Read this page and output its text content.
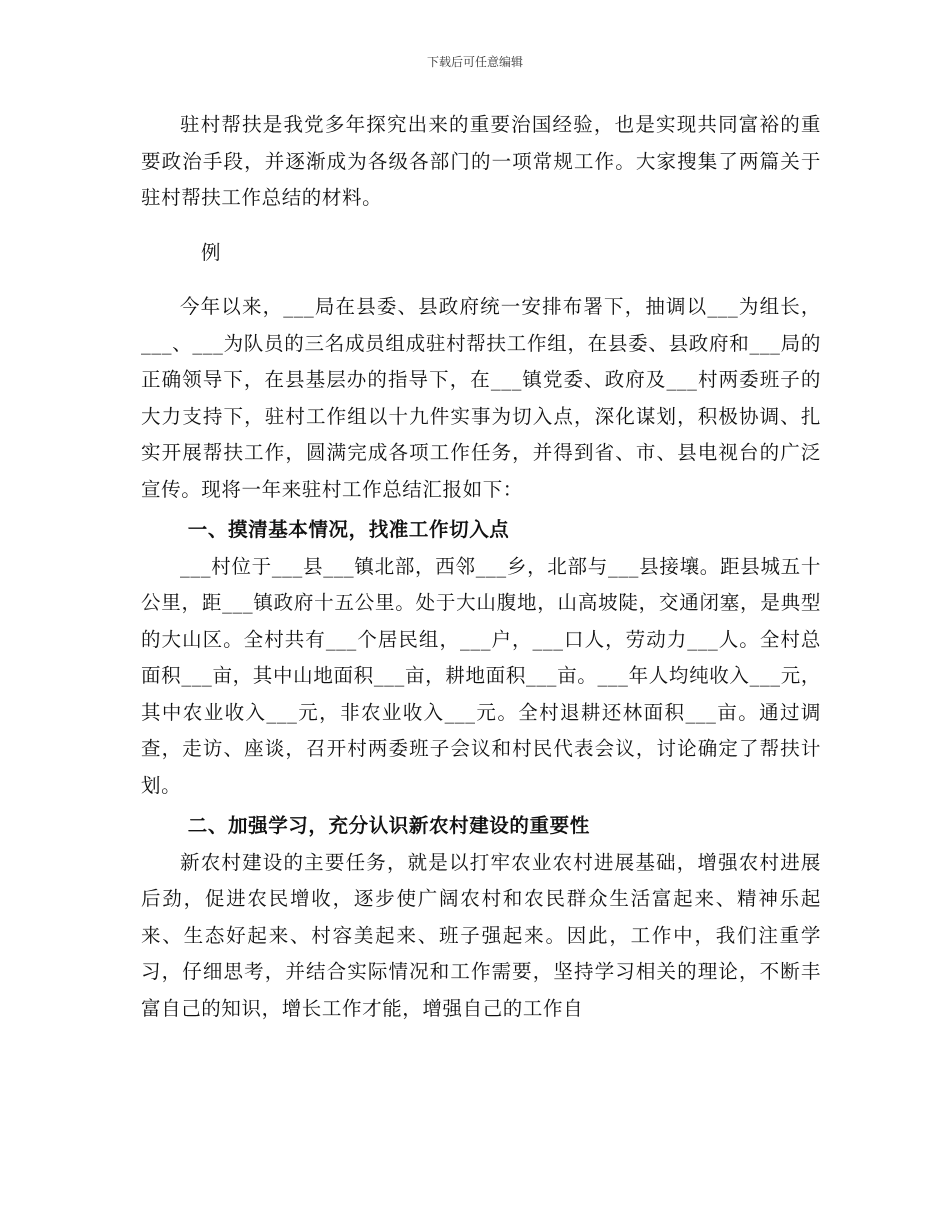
下载后可任意编辑

驻村帮扶是我党多年探究出来的重要治国经验，也是实现共同富裕的重要政治手段，并逐渐成为各级各部门的一项常规工作。大家搜集了两篇关于驻村帮扶工作总结的材料。

例

今年以来，___局在县委、县政府统一安排布署下，抽调以___为组长，___、___为队员的三名成员组成驻村帮扶工作组，在县委、县政府和___局的正确领导下，在县基层办的指导下，在___镇党委、政府及___村两委班子的大力支持下，驻村工作组以十九件实事为切入点，深化谋划，积极协调、扎实开展帮扶工作，圆满完成各项工作任务，并得到省、市、县电视台的广泛宣传。现将一年来驻村工作总结汇报如下：

一、摸清基本情况，找准工作切入点

___村位于___县___镇北部，西邻___乡，北部与___县接壤。距县城五十公里，距___镇政府十五公里。处于大山腹地，山高坡陡，交通闭塞，是典型的大山区。全村共有___个居民组，___户，___口人，劳动力___人。全村总面积___亩，其中山地面积___亩，耕地面积___亩。___年人均纯收入___元，其中农业收入___元，非农业收入___元。全村退耕还林面积___亩。通过调查，走访、座谈，召开村两委班子会议和村民代表会议，讨论确定了帮扶计划。

二、加强学习，充分认识新农村建设的重要性

新农村建设的主要任务，就是以打牢农业农村进展基础，增强农村进展后劲，促进农民增收，逐步使广阔农村和农民群众生活富起来、精神乐起来、生态好起来、村容美起来、班子强起来。因此，工作中，我们注重学习，仔细思考，并结合实际情况和工作需要，坚持学习相关的理论，不断丰富自己的知识，增长工作才能，增强自己的工作自
